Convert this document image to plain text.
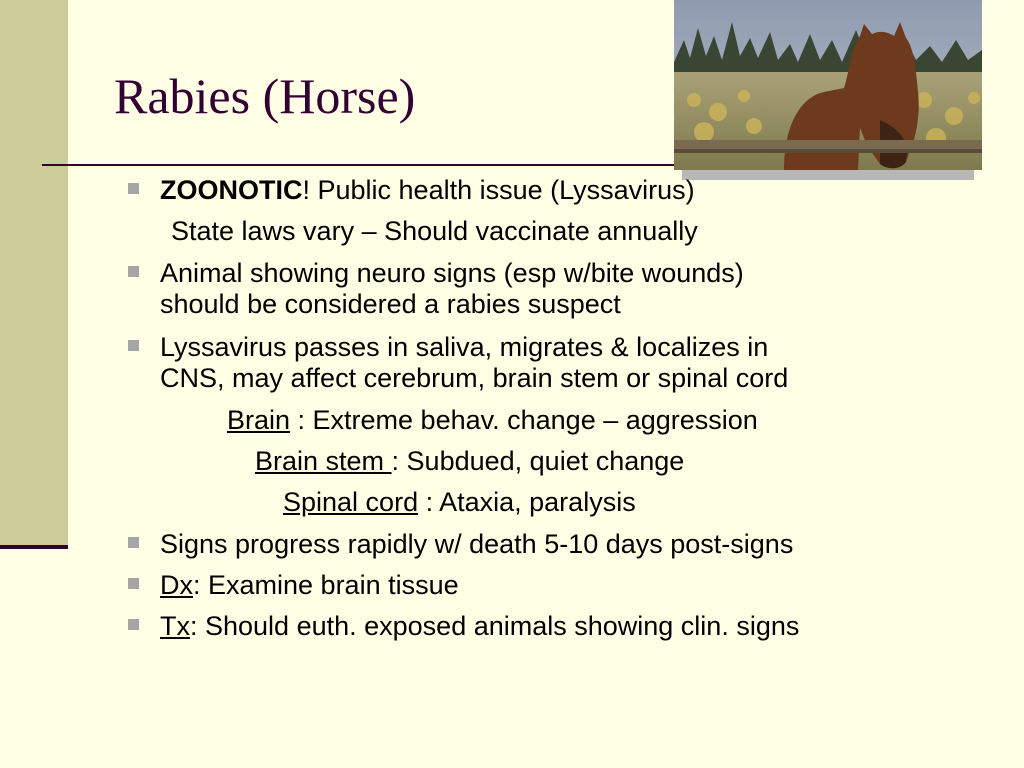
Rabies (Horse)
ZOONOTIC! Public health issue (Lyssavirus)
State laws vary – Should vaccinate annually
Animal showing neuro signs (esp w/bite wounds)
should be considered a rabies suspect
Lyssavirus passes in saliva, migrates & localizes in
CNS, may affect cerebrum, brain stem or spinal cord
Brain : Extreme behav. change – aggression
Brain stem : Subdued, quiet change
Spinal cord : Ataxia, paralysis
Signs progress rapidly w/ death 5-10 days post-signs
Dx: Examine brain tissue
Tx: Should euth. exposed animals showing clin. signs
